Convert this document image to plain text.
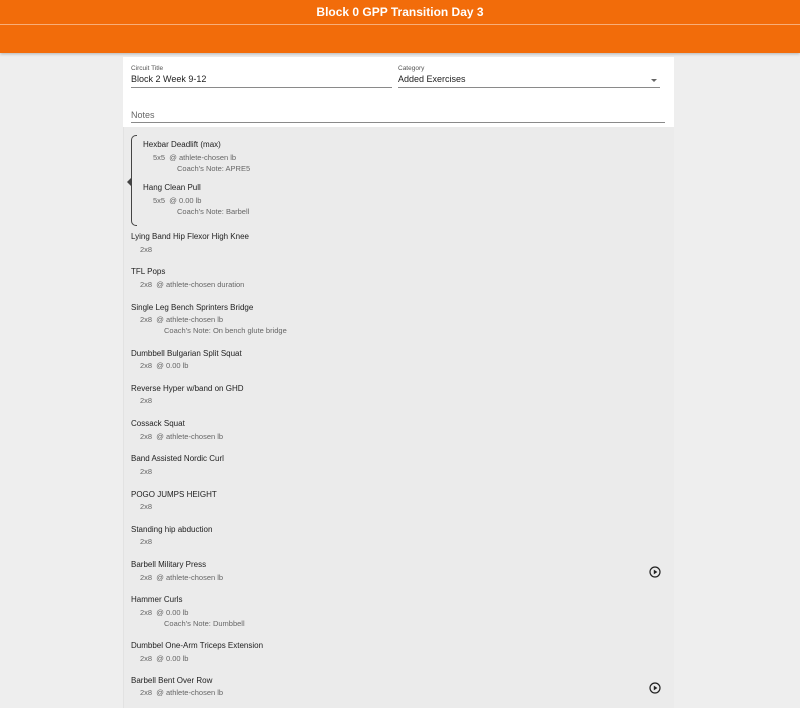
Block 0 GPP Transition Day 3
Circuit Title
Block 2 Week 9-12
Category
Added Exercises
Notes
Hexbar Deadlift (max)
5x5 @ athlete-chosen lb
Coach's Note: APRE5
Hang Clean Pull
5x5 @ 0.00 lb
Coach's Note: Barbell
Lying Band Hip Flexor High Knee
2x8
TFL Pops
2x8 @ athlete-chosen duration
Single Leg Bench Sprinters Bridge
2x8 @ athlete-chosen lb
Coach's Note: On bench glute bridge
Dumbbell Bulgarian Split Squat
2x8 @ 0.00 lb
Reverse Hyper w/band on GHD
2x8
Cossack Squat
2x8 @ athlete-chosen lb
Band Assisted Nordic Curl
2x8
POGO JUMPS HEIGHT
2x8
Standing hip abduction
2x8
Barbell Military Press
2x8 @ athlete-chosen lb
Hammer Curls
2x8 @ 0.00 lb
Coach's Note: Dumbbell
Dumbbel One-Arm Triceps Extension
2x8 @ 0.00 lb
Barbell Bent Over Row
2x8 @ athlete-chosen lb
